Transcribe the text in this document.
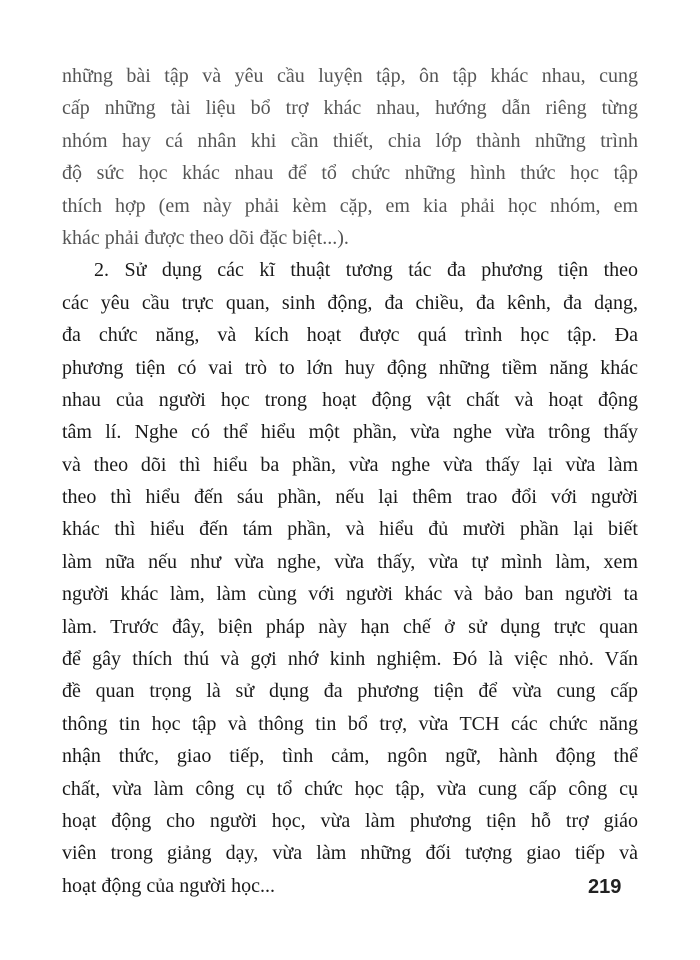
những bài tập và yêu cầu luyện tập, ôn tập khác nhau, cung
cấp những tài liệu bổ trợ khác nhau, hướng dẫn riêng từng
nhóm hay cá nhân khi cần thiết, chia lớp thành những trình
độ sức học khác nhau để tổ chức những hình thức học tập
thích hợp (em này phải kèm cặp, em kia phải học nhóm, em
khác phải được theo dõi đặc biệt...).
2. Sử dụng các kĩ thuật tương tác đa phương tiện theo
các yêu cầu trực quan, sinh động, đa chiều, đa kênh, đa dạng,
đa chức năng, và kích hoạt được quá trình học tập. Đa
phương tiện có vai trò to lớn huy động những tiềm năng khác
nhau của người học trong hoạt động vật chất và hoạt động
tâm lí. Nghe có thể hiểu một phần, vừa nghe vừa trông thấy
và theo dõi thì hiểu ba phần, vừa nghe vừa thấy lại vừa làm
theo thì hiểu đến sáu phần, nếu lại thêm trao đổi với người
khác thì hiểu đến tám phần, và hiểu đủ mười phần lại biết
làm nữa nếu như vừa nghe, vừa thấy, vừa tự mình làm, xem
người khác làm, làm cùng với người khác và bảo ban người ta
làm. Trước đây, biện pháp này hạn chế ở sử dụng trực quan
để gây thích thú và gợi nhớ kinh nghiệm. Đó là việc nhỏ. Vấn
đề quan trọng là sử dụng đa phương tiện để vừa cung cấp
thông tin học tập và thông tin bổ trợ, vừa TCH các chức năng
nhận thức, giao tiếp, tình cảm, ngôn ngữ, hành động thể
chất, vừa làm công cụ tổ chức học tập, vừa cung cấp công cụ
hoạt động cho người học, vừa làm phương tiện hỗ trợ giáo
viên trong giảng dạy, vừa làm những đối tượng giao tiếp và
hoạt động của người học...	219
